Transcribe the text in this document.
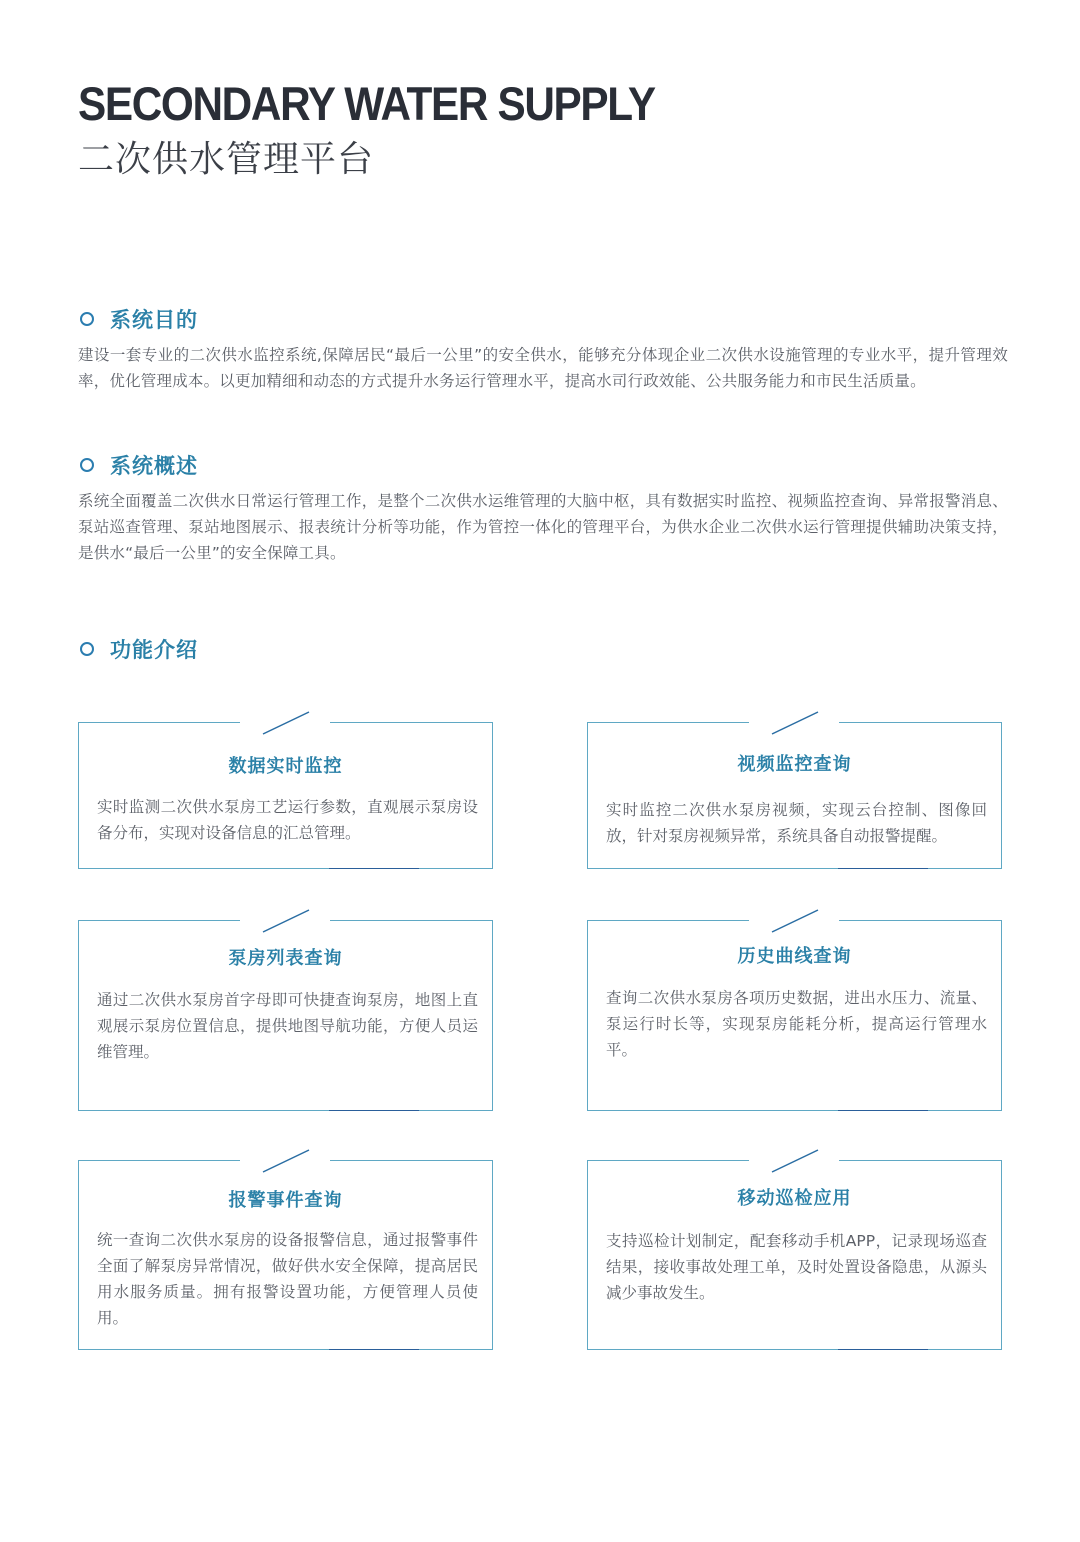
SECONDARY WATER SUPPLY
二次供水管理平台
系统目的

建设一套专业的二次供水监控系统,保障居民“最后一公里”的安全供水，能够充分体现企业二次供水设施管理的专业水平，提升管理效率，优化管理成本。以更加精细和动态的方式提升水务运行管理水平，提高水司行政效能、公共服务能力和市民生活质量。

系统概述

系统全面覆盖二次供水日常运行管理工作，是整个二次供水运维管理的大脑中枢，具有数据实时监控、视频监控查询、异常报警消息、泵站巡查管理、泵站地图展示、报表统计分析等功能，作为管控一体化的管理平台，为供水企业二次供水运行管理提供辅助决策支持，是供水“最后一公里”的安全保障工具。

功能介绍
数据实时监控

实时监测二次供水泵房工艺运行参数，直观展示泵房设备分布，实现对设备信息的汇总管理。

视频监控查询

实时监控二次供水泵房视频，实现云台控制、图像回放，针对泵房视频异常，系统具备自动报警提醒。

泵房列表查询

通过二次供水泵房首字母即可快捷查询泵房，地图上直观展示泵房位置信息，提供地图导航功能，方便人员运维管理。

历史曲线查询

查询二次供水泵房各项历史数据，进出水压力、流量、泵运行时长等，实现泵房能耗分析，提高运行管理水平。

报警事件查询

统一查询二次供水泵房的设备报警信息，通过报警事件全面了解泵房异常情况，做好供水安全保障，提高居民用水服务质量。拥有报警设置功能，方便管理人员使用。

移动巡检应用

支持巡检计划制定，配套移动手机APP，记录现场巡查结果，接收事故处理工单，及时处置设备隐患，从源头减少事故发生。
